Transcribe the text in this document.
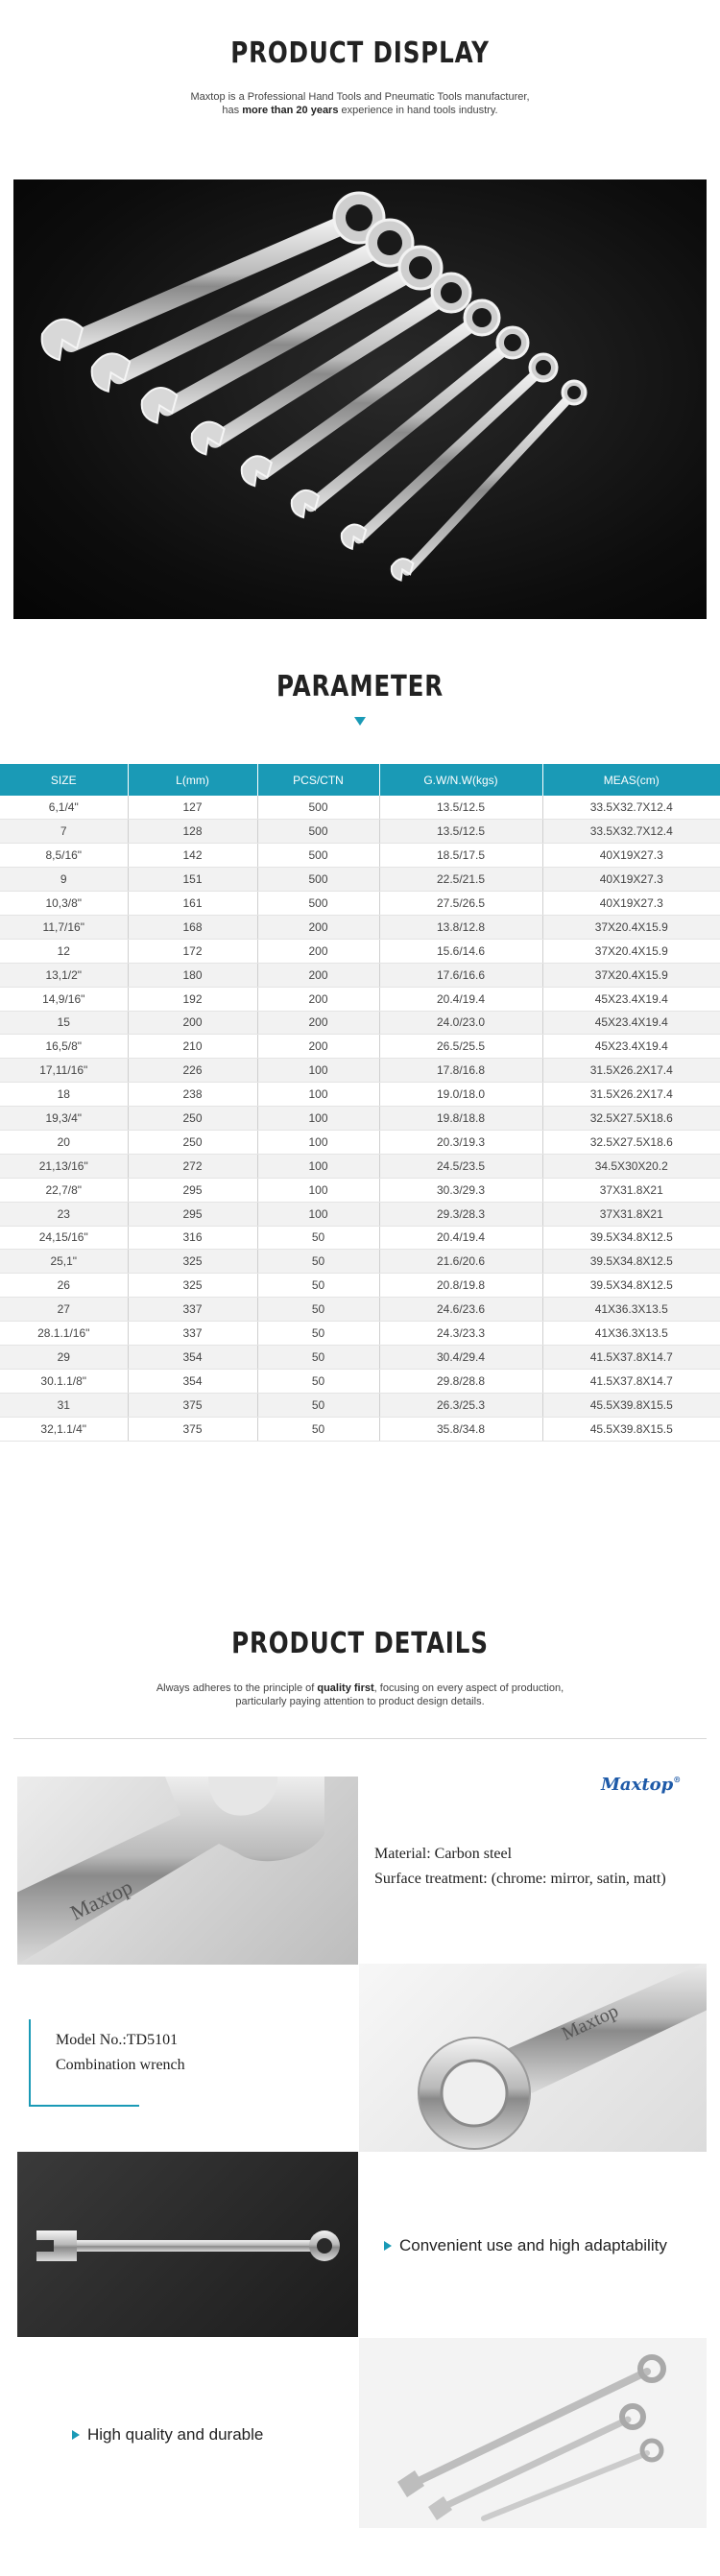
PRODUCT DISPLAY
Maxtop is a Professional Hand Tools and Pneumatic Tools manufacturer,
has more than 20 years experience in hand tools industry.
PARAMETER
SIZE	L(mm)	PCS/CTN	G.W/N.W(kgs)	MEAS(cm)
6,1/4"	127	500	13.5/12.5	33.5X32.7X12.4
7	128	500	13.5/12.5	33.5X32.7X12.4
8,5/16"	142	500	18.5/17.5	40X19X27.3
9	151	500	22.5/21.5	40X19X27.3
10,3/8"	161	500	27.5/26.5	40X19X27.3
11,7/16"	168	200	13.8/12.8	37X20.4X15.9
12	172	200	15.6/14.6	37X20.4X15.9
13,1/2"	180	200	17.6/16.6	37X20.4X15.9
14,9/16"	192	200	20.4/19.4	45X23.4X19.4
15	200	200	24.0/23.0	45X23.4X19.4
16,5/8"	210	200	26.5/25.5	45X23.4X19.4
17,11/16"	226	100	17.8/16.8	31.5X26.2X17.4
18	238	100	19.0/18.0	31.5X26.2X17.4
19,3/4"	250	100	19.8/18.8	32.5X27.5X18.6
20	250	100	20.3/19.3	32.5X27.5X18.6
21,13/16"	272	100	24.5/23.5	34.5X30X20.2
22,7/8"	295	100	30.3/29.3	37X31.8X21
23	295	100	29.3/28.3	37X31.8X21
24,15/16"	316	50	20.4/19.4	39.5X34.8X12.5
25,1"	325	50	21.6/20.6	39.5X34.8X12.5
26	325	50	20.8/19.8	39.5X34.8X12.5
27	337	50	24.6/23.6	41X36.3X13.5
28.1.1/16"	337	50	24.3/23.3	41X36.3X13.5
29	354	50	30.4/29.4	41.5X37.8X14.7
30.1.1/8"	354	50	29.8/28.8	41.5X37.8X14.7
31	375	50	26.3/25.3	45.5X39.8X15.5
32,1.1/4"	375	50	35.8/34.8	45.5X39.8X15.5
PRODUCT DETAILS
Always adheres to the principle of quality first, focusing on every aspect of production,
particularly paying attention to product design details.
Maxtop
Maxtop®
Material: Carbon steel
Surface treatment: (chrome: mirror, satin, matt)
Model No.:TD5101
Combination wrench
Maxtop
Convenient use and high adaptability
High quality and durable
